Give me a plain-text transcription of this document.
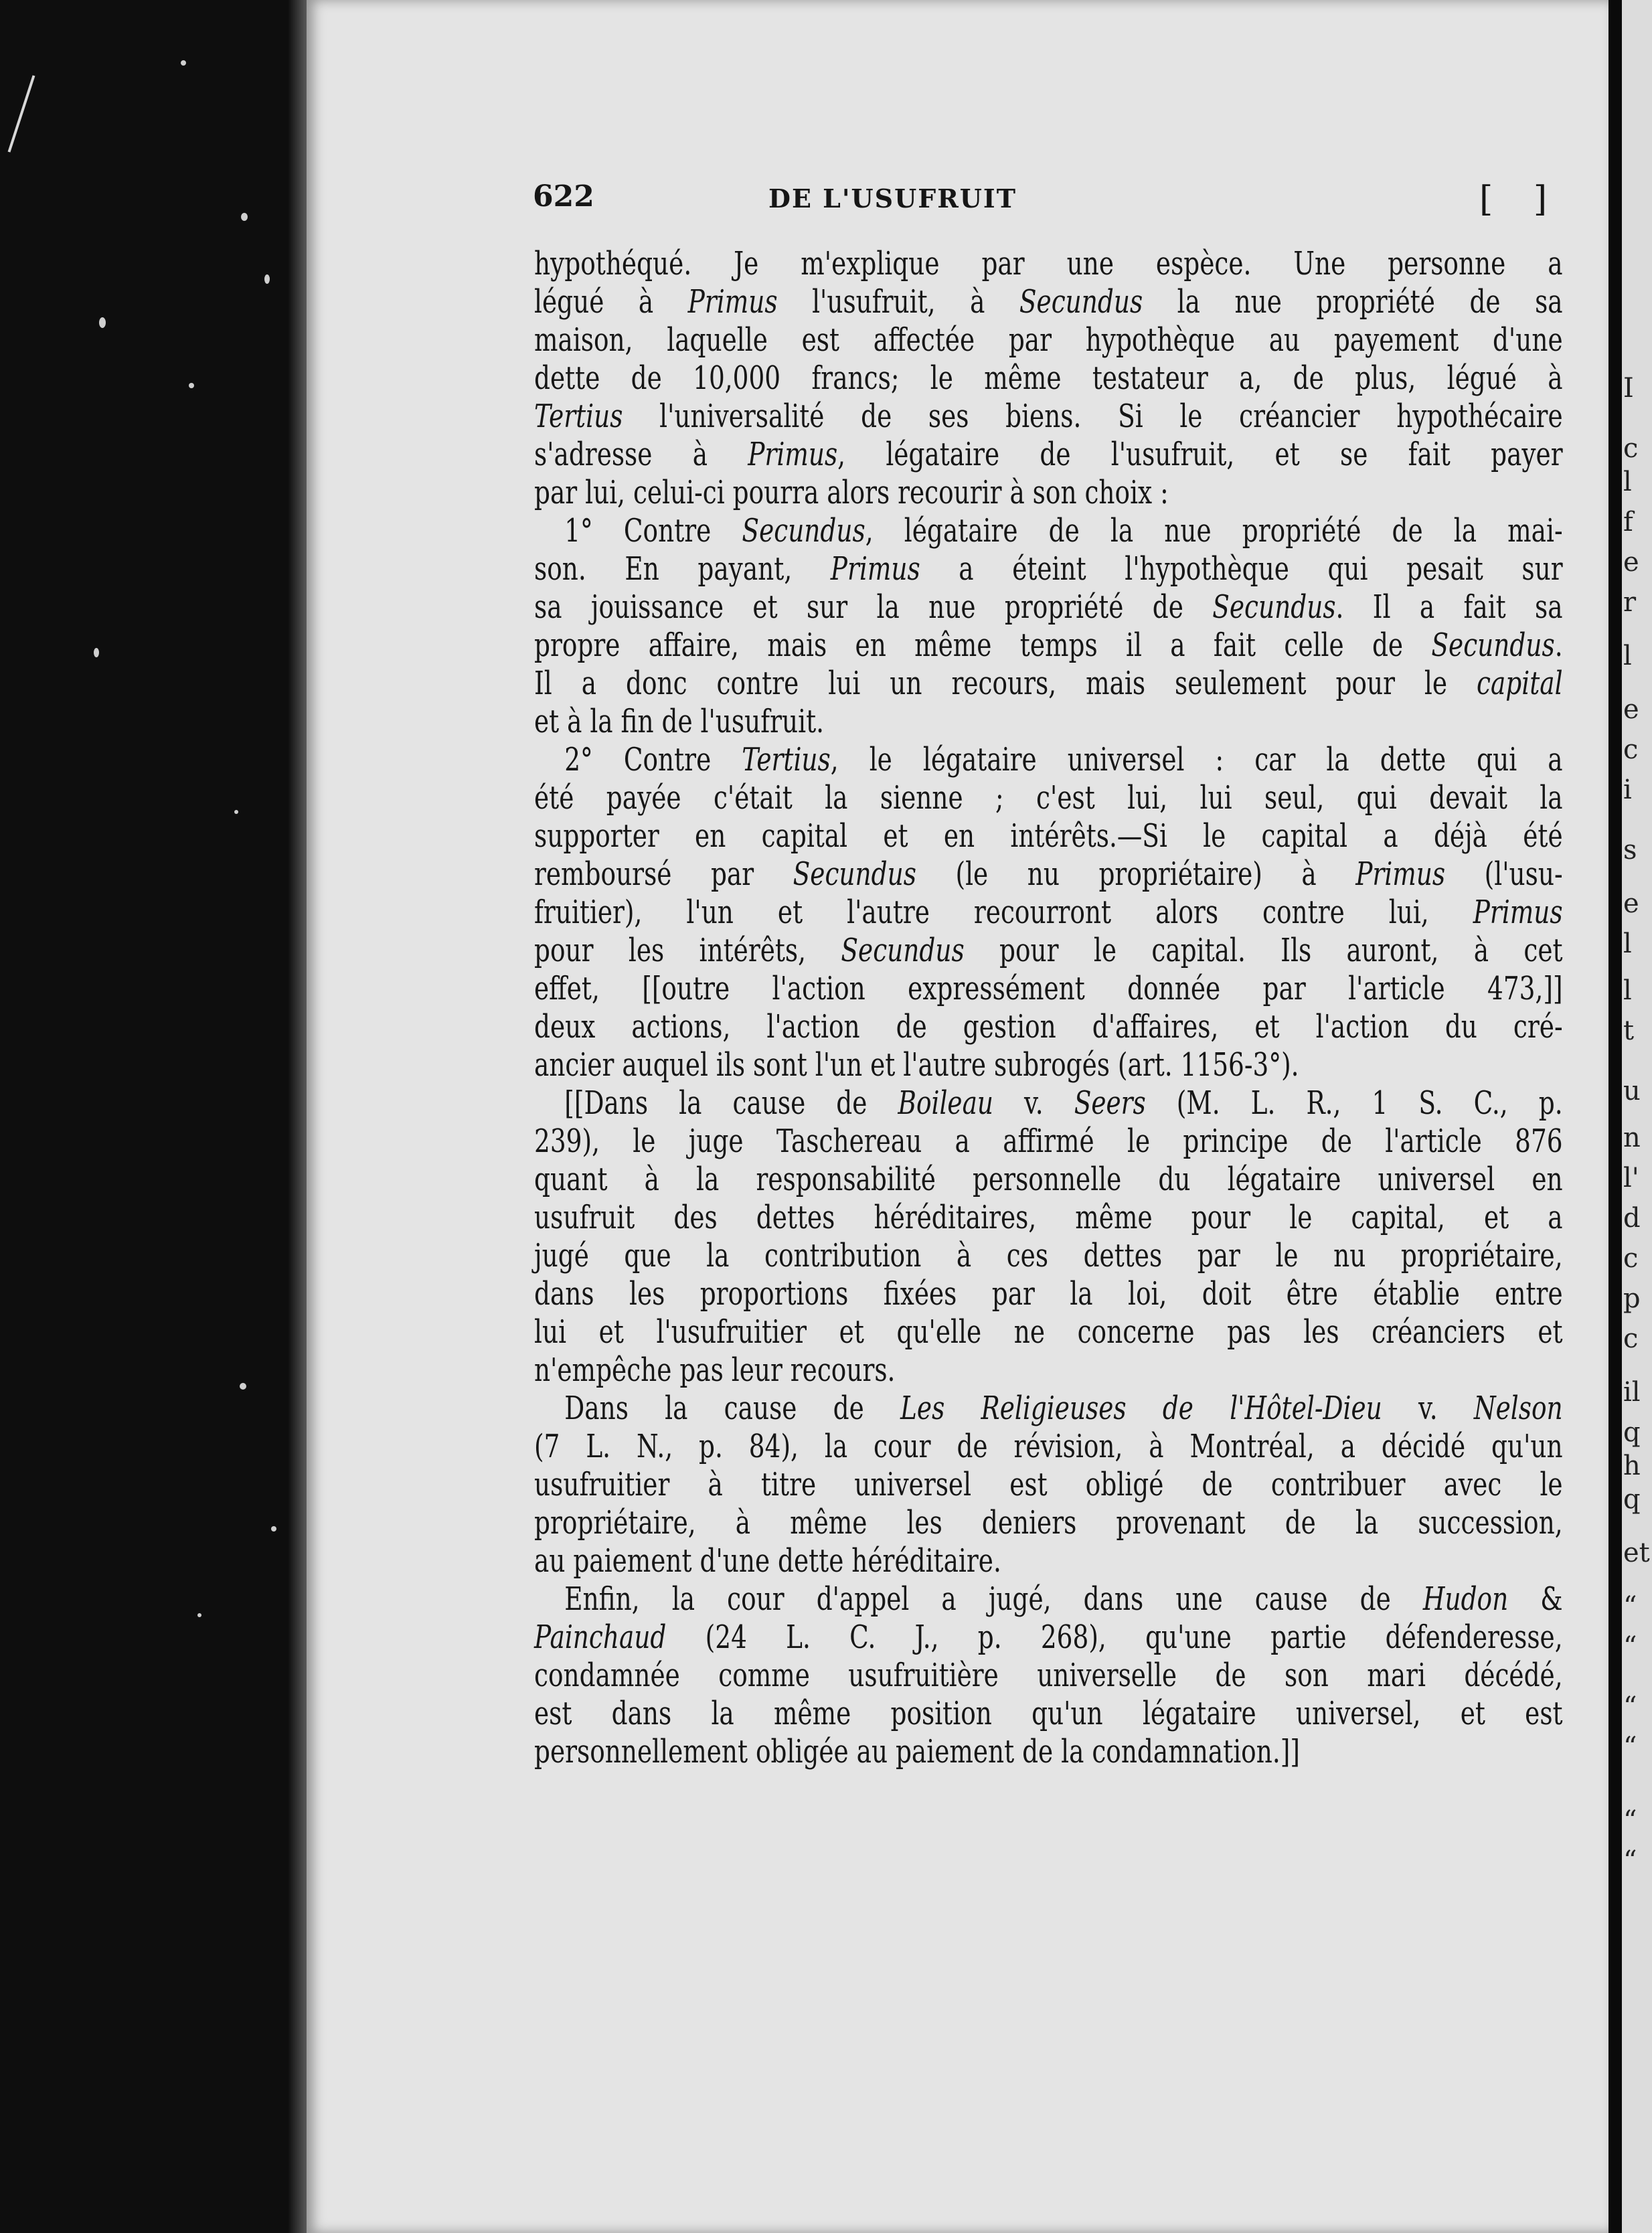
622	DE L'USUFRUIT	[ ]
hypothéqué. Je m'explique par une espèce. Une personne a
légué à Primus l'usufruit, à Secundus la nue propriété de sa
maison, laquelle est affectée par hypothèque au payement d'une
dette de 10,000 francs; le même testateur a, de plus, légué à
Tertius l'universalité de ses biens. Si le créancier hypothécaire
s'adresse à Primus, légataire de l'usufruit, et se fait payer
par lui, celui-ci pourra alors recourir à son choix :
1° Contre Secundus, légataire de la nue propriété de la mai-
son. En payant, Primus a éteint l'hypothèque qui pesait sur
sa jouissance et sur la nue propriété de Secundus. Il a fait sa
propre affaire, mais en même temps il a fait celle de Secundus.
Il a donc contre lui un recours, mais seulement pour le capital
et à la fin de l'usufruit.
2° Contre Tertius, le légataire universel : car la dette qui a
été payée c'était la sienne ; c'est lui, lui seul, qui devait la
supporter en capital et en intérêts.—Si le capital a déjà été
remboursé par Secundus (le nu propriétaire) à Primus (l'usu-
fruitier), l'un et l'autre recourront alors contre lui, Primus
pour les intérêts, Secundus pour le capital. Ils auront, à cet
effet, [[outre l'action expressément donnée par l'article 473,]]
deux actions, l'action de gestion d'affaires, et l'action du cré-
ancier auquel ils sont l'un et l'autre subrogés (art. 1156-3°).
[[Dans la cause de Boileau v. Seers (M. L. R., 1 S. C., p.
239), le juge Taschereau a affirmé le principe de l'article 876
quant à la responsabilité personnelle du légataire universel en
usufruit des dettes héréditaires, même pour le capital, et a
jugé que la contribution à ces dettes par le nu propriétaire,
dans les proportions fixées par la loi, doit être établie entre
lui et l'usufruitier et qu'elle ne concerne pas les créanciers et
n'empêche pas leur recours.
Dans la cause de Les Religieuses de l'Hôtel-Dieu v. Nelson
(7 L. N., p. 84), la cour de révision, à Montréal, a décidé qu'un
usufruitier à titre universel est obligé de contribuer avec le
propriétaire, à même les deniers provenant de la succession,
au paiement d'une dette héréditaire.
Enfin, la cour d'appel a jugé, dans une cause de Hudon &
Painchaud (24 L. C. J., p. 268), qu'une partie défenderesse,
condamnée comme usufruitière universelle de son mari décédé,
est dans la même position qu'un légataire universel, et est
personnellement obligée au paiement de la condamnation.]]
I
c
l
f
e
r
l
e
c
i
s
e
l
l
t
u
n
l'
d
c
p
c
il
q
h
q
et
“
“
“
“
“
“
